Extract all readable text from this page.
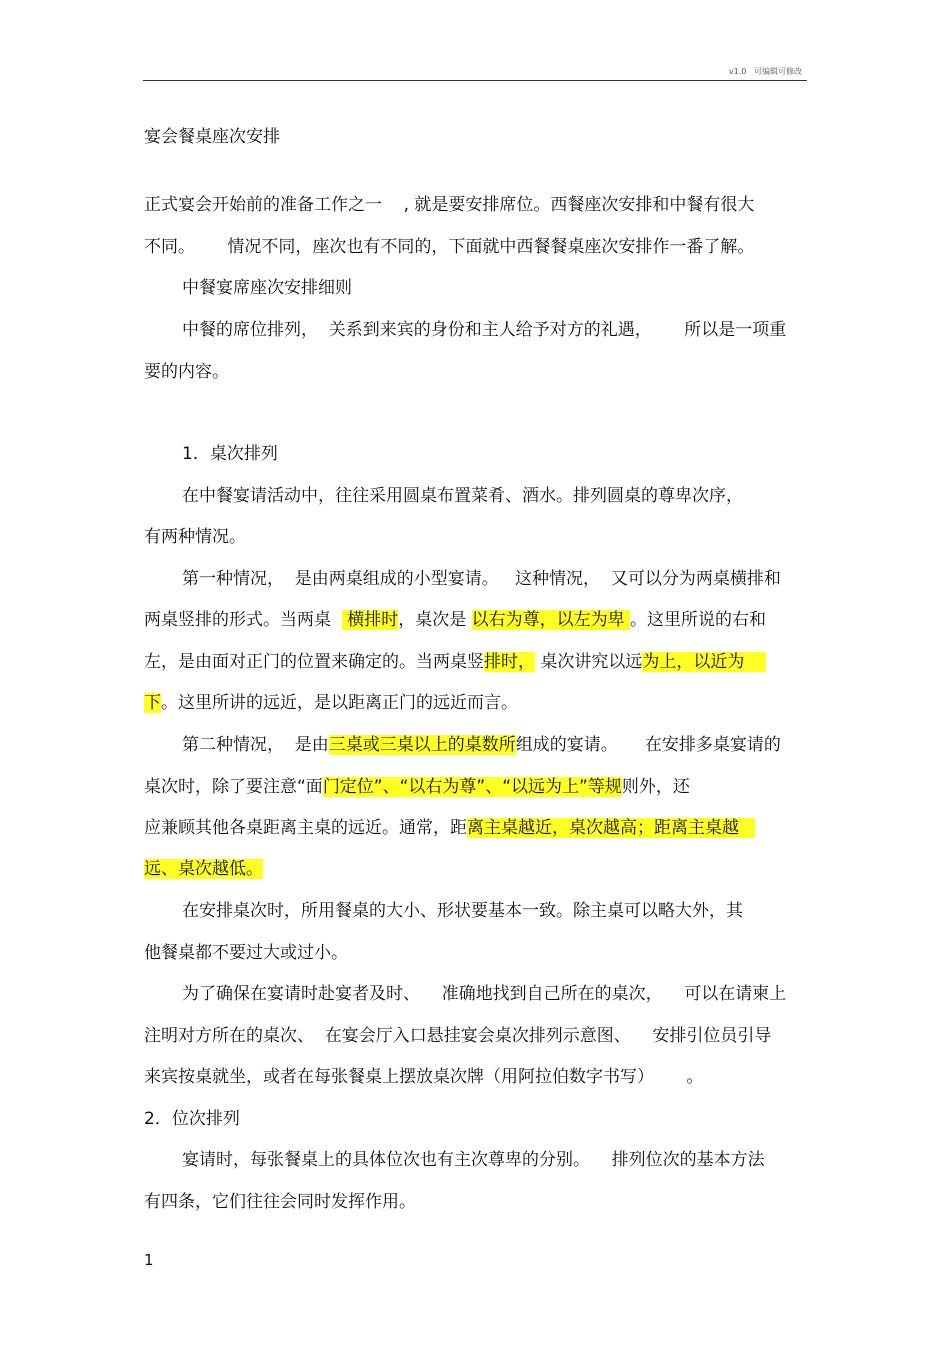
v1.0   可编辑可修改
宴会餐桌座次安排
正式宴会开始前的准备工作之一    , 就是要安排席位。西餐座次安排和中餐有很大
不同。      情况不同，座次也有不同的，下面就中西餐餐桌座次安排作一番了解。
中餐宴席座次安排细则
中餐的席位排列，  关系到来宾的身份和主人给予对方的礼遇，      所以是一项重
要的内容。
1．桌次排列
在中餐宴请活动中，往往采用圆桌布置菜肴、酒水。排列圆桌的尊卑次序，
有两种情况。
第一种情况，  是由两桌组成的小型宴请。   这种情况，  又可以分为两桌横排和
两桌竖排的形式。当两桌   横排时，桌次是 以右为尊，以左为卑 。这里所说的右和
左，是由面对正门的位置来确定的。当两桌竖排时， 桌次讲究以远为上，以近为
下。这里所讲的远近，是以距离正门的远近而言。
第二种情况，  是由三桌或三桌以上的桌数所组成的宴请。     在安排多桌宴请的
桌次时，除了要注意“面门定位”、“以右为尊”、“以远为上”等规则外，还
应兼顾其他各桌距离主桌的远近。通常，距离主桌越近，桌次越高；距离主桌越
远、桌次越低。
在安排桌次时，所用餐桌的大小、形状要基本一致。除主桌可以略大外，其
他餐桌都不要过大或过小。
为了确保在宴请时赴宴者及时、    准确地找到自己所在的桌次，    可以在请柬上
注明对方所在的桌次、  在宴会厅入口悬挂宴会桌次排列示意图、    安排引位员引导
来宾按桌就坐，或者在每张餐桌上摆放桌次牌（用阿拉伯数字书写）      。
2．位次排列
宴请时，每张餐桌上的具体位次也有主次尊卑的分别。    排列位次的基本方法
有四条，它们往往会同时发挥作用。
1
